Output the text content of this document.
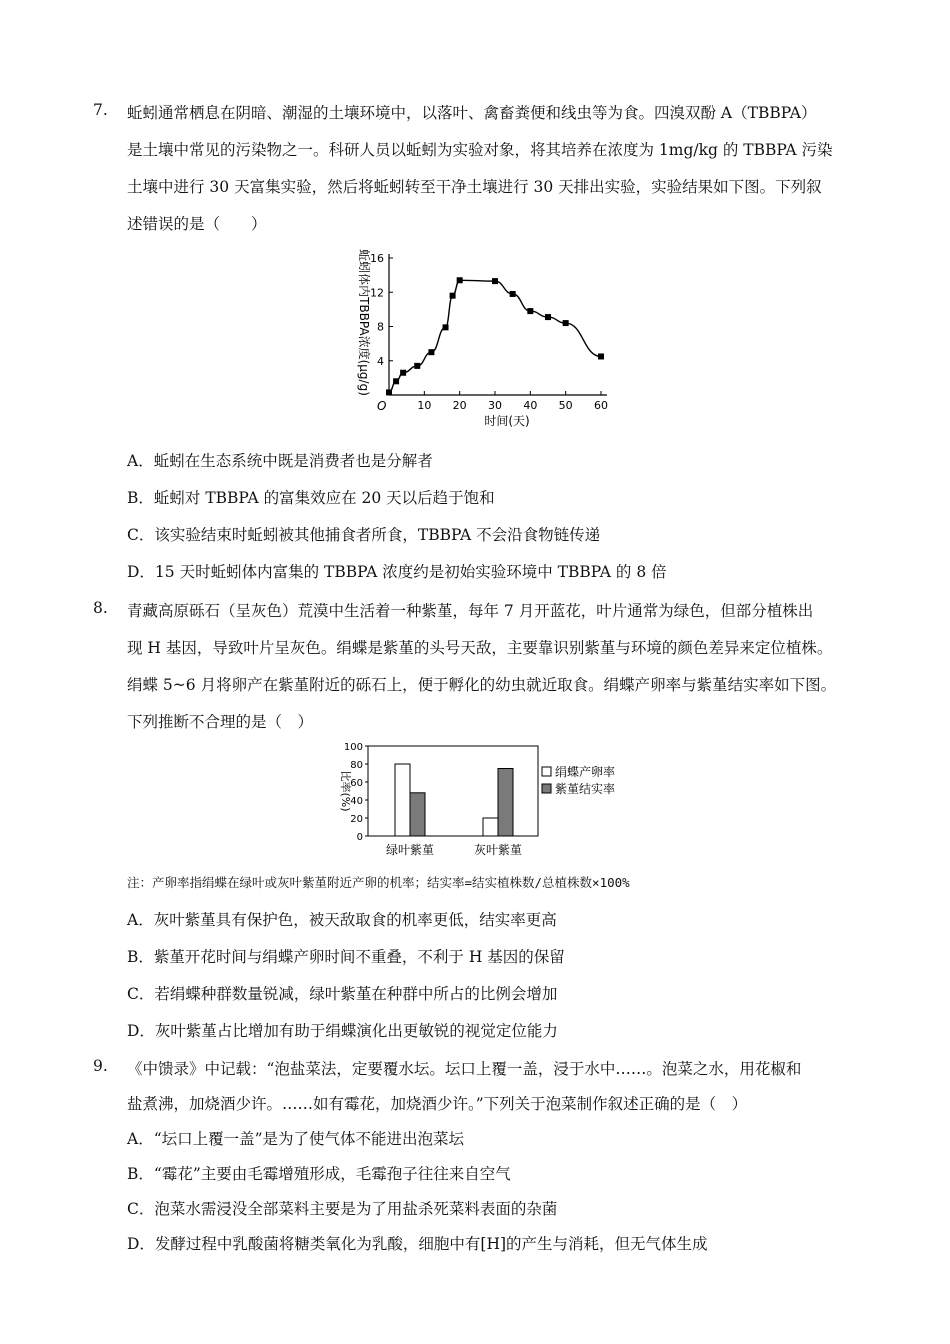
7. 蚯蚓通常栖息在阴暗、潮湿的土壤环境中，以落叶、禽畜粪便和线虫等为食。四溴双酚 A（TBBPA）
是土壤中常见的污染物之一。科研人员以蚯蚓为实验对象，将其培养在浓度为 1mg/kg 的 TBBPA 污染
土壤中进行 30 天富集实验，然后将蚯蚓转至干净土壤进行 30 天排出实验，实验结果如下图。下列叙
述错误的是（　　）
4
8
12
16
10 20 30 40 50 60
O
时间(天)
蚯蚓体内TBBPA浓度(μg/g)
A．蚯蚓在生态系统中既是消费者也是分解者
B．蚯蚓对 TBBPA 的富集效应在 20 天以后趋于饱和
C．该实验结束时蚯蚓被其他捕食者所食，TBBPA 不会沿食物链传递
D．15 天时蚯蚓体内富集的 TBBPA 浓度约是初始实验环境中 TBBPA 的 8 倍
8. 青藏高原砾石（呈灰色）荒漠中生活着一种紫堇，每年 7 月开蓝花，叶片通常为绿色，但部分植株出
现 H 基因，导致叶片呈灰色。绢蝶是紫堇的头号天敌，主要靠识别紫堇与环境的颜色差异来定位植株。
绢蝶 5~6 月将卵产在紫堇附近的砾石上，便于孵化的幼虫就近取食。绢蝶产卵率与紫堇结实率如下图。
下列推断不合理的是（　）
0
20
40
60
80
100
比率(%)
绿叶紫堇	灰叶紫堇
绢蝶产卵率
紫堇结实率
注：产卵率指绢蝶在绿叶或灰叶紫堇附近产卵的机率；结实率=结实植株数/总植株数×100%
A．灰叶紫堇具有保护色，被天敌取食的机率更低，结实率更高
B．紫堇开花时间与绢蝶产卵时间不重叠，不利于 H 基因的保留
C．若绢蝶种群数量锐减，绿叶紫堇在种群中所占的比例会增加
D．灰叶紫堇占比增加有助于绢蝶演化出更敏锐的视觉定位能力
9. 《中馈录》中记载：“泡盐菜法，定要覆水坛。坛口上覆一盖，浸于水中……。泡菜之水，用花椒和
盐煮沸，加烧酒少许。……如有霉花，加烧酒少许。”下列关于泡菜制作叙述正确的是（　）
A．“坛口上覆一盖”是为了使气体不能进出泡菜坛
B．“霉花”主要由毛霉增殖形成，毛霉孢子往往来自空气
C．泡菜水需浸没全部菜料主要是为了用盐杀死菜料表面的杂菌
D．发酵过程中乳酸菌将糖类氧化为乳酸，细胞中有[H]的产生与消耗，但无气体生成
